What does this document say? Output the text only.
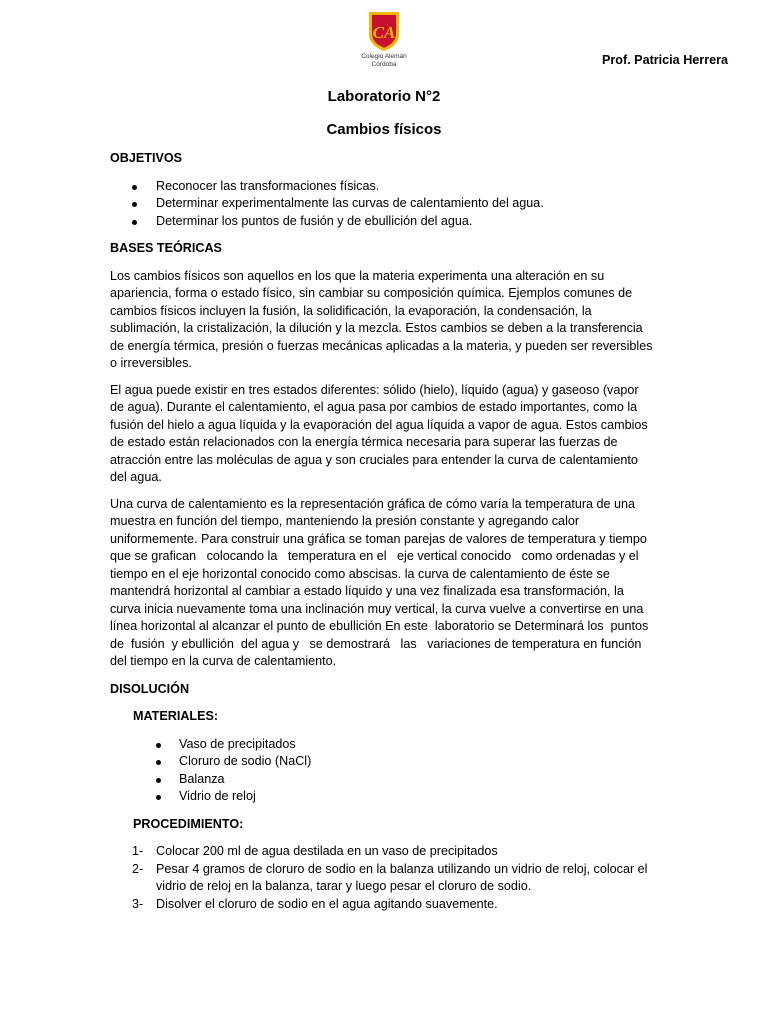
CA
Colegio Alemán
Córdoba	Prof. Patricia Herrera
Laboratorio N°2
Cambios físicos
OBJETIVOS
Reconocer las transformaciones físicas.
Determinar experimentalmente las curvas de calentamiento del agua.
Determinar los puntos de fusión y de ebullición del agua.
BASES TEÓRICAS

Los cambios físicos son aquellos en los que la materia experimenta una alteración en su apariencia, forma o estado físico, sin cambiar su composición química. Ejemplos comunes de cambios físicos incluyen la fusión, la solidificación, la evaporación, la condensación, la sublimación, la cristalización, la dilución y la mezcla. Estos cambios se deben a la transferencia de energía térmica, presión o fuerzas mecánicas aplicadas a la materia, y pueden ser reversibles o irreversibles.

El agua puede existir en tres estados diferentes: sólido (hielo), líquido (agua) y gaseoso (vapor de agua). Durante el calentamiento, el agua pasa por cambios de estado importantes, como la fusión del hielo a agua líquida y la evaporación del agua líquida a vapor de agua. Estos cambios de estado están relacionados con la energía térmica necesaria para superar las fuerzas de atracción entre las moléculas de agua y son cruciales para entender la curva de calentamiento del agua.

Una curva de calentamiento es la representación gráfica de cómo varía la temperatura de una muestra en función del tiempo, manteniendo la presión constante y agregando calor uniformemente. Para construir una gráfica se toman parejas de valores de temperatura y tiempo que se grafican   colocando la   temperatura en el   eje vertical conocido   como ordenadas y el tiempo en el eje horizontal conocido como abscisas. la curva de calentamiento de éste se mantendrá horizontal al cambiar a estado líquido y una vez finalizada esa transformación, la curva inicia nuevamente toma una inclinación muy vertical, la curva vuelve a convertirse en una línea horizontal al alcanzar el punto de ebullición En este  laboratorio se Determinará los  puntos de  fusión  y ebullición  del agua y   se demostrará   las   variaciones de temperatura en función del tiempo en la curva de calentamiento.

DISOLUCIÓN
MATERIALES:
Vaso de precipitados
Cloruro de sodio (NaCl)
Balanza
Vidrio de reloj
PROCEDIMIENTO:
1- Colocar 200 ml de agua destilada en un vaso de precipitados
2- Pesar 4 gramos de cloruro de sodio en la balanza utilizando un vidrio de reloj, colocar el vidrio de reloj en la balanza, tarar y luego pesar el cloruro de sodio.
3- Disolver el cloruro de sodio en el agua agitando suavemente.
